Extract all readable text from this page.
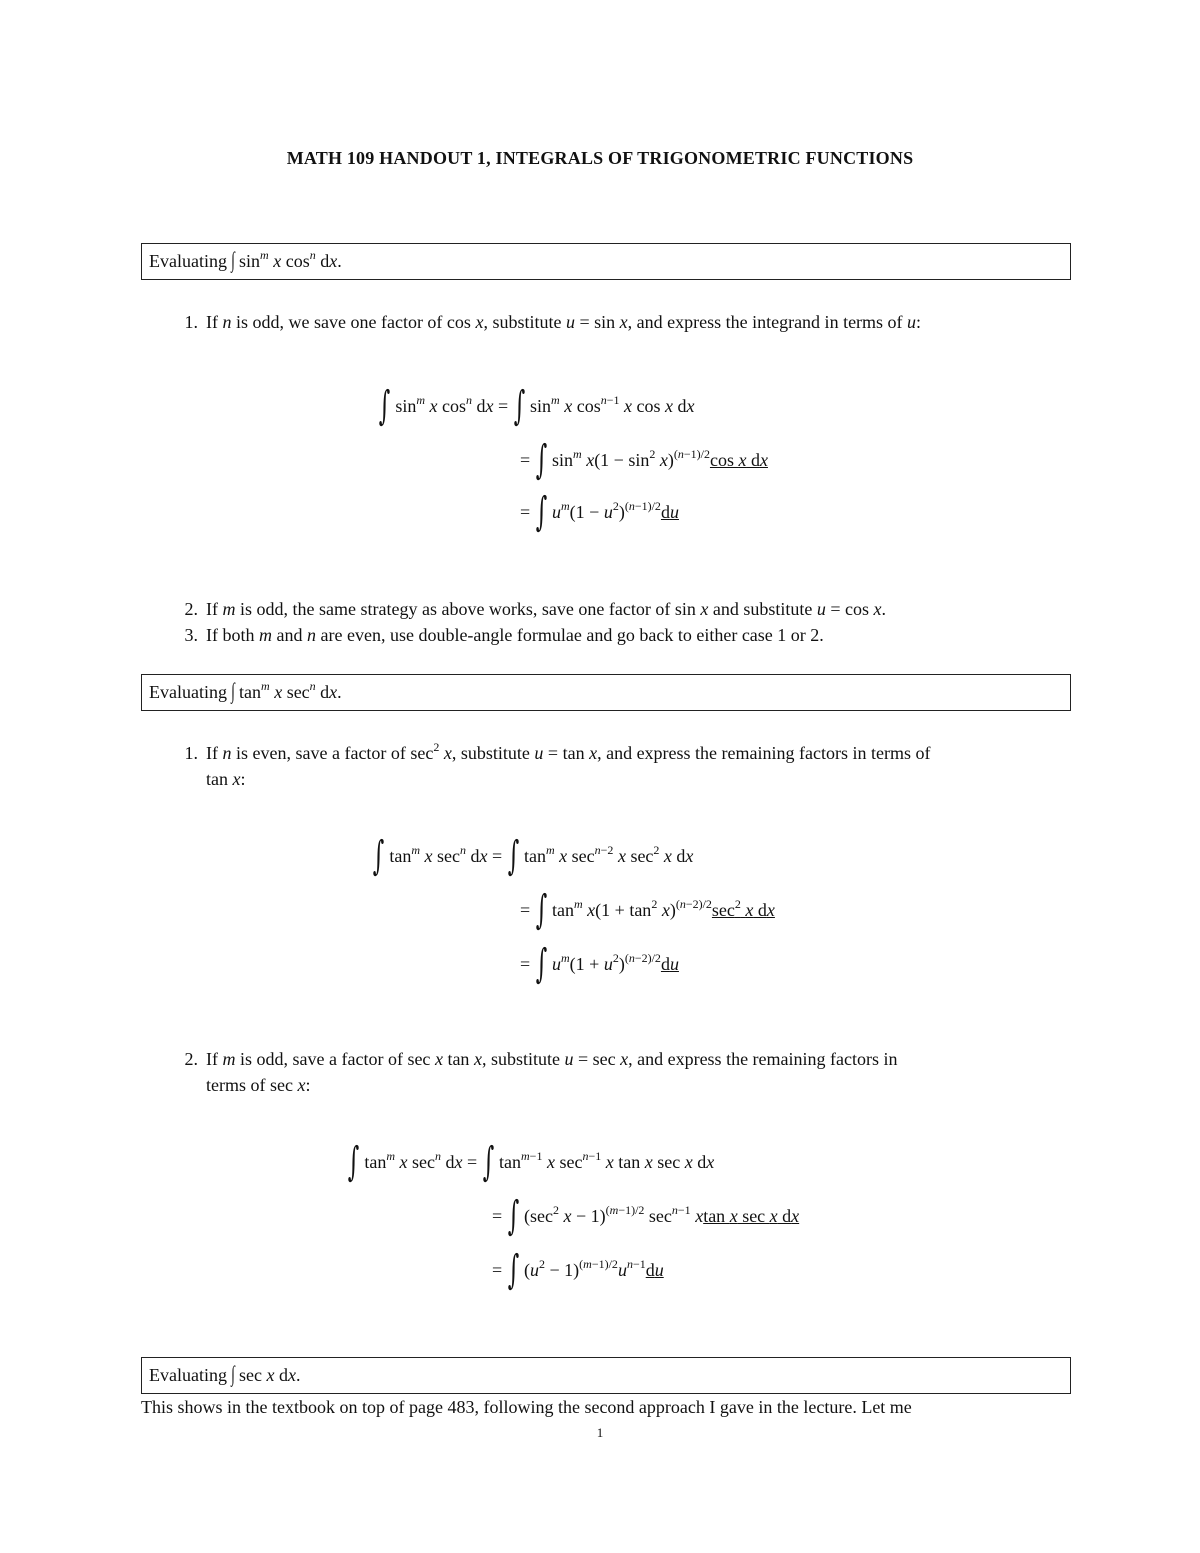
MATH 109 HANDOUT 1, INTEGRALS OF TRIGONOMETRIC FUNCTIONS
Evaluating ∫ $\sin^m x$ $\cos^n$ dx.
1. If n is odd, we save one factor of cos x, substitute u = sin x, and express the integrand in terms of u:
∫ $\sin^m x$ $\cos^n$ dx = ∫ $\sin^m x$ $\cos^{n-1} x$ cos x dx
= ∫ $\sin^m x(1 - \sin^2 x)^{(n-1)/2}\cos$ x dx
= ∫ $u^m(1 - u^2)^{(n-1)/2}du$
2. If m is odd, the same strategy as above works, save one factor of sin x and substitute u = cos x.
3. If both m and n are even, use double-angle formulae and go back to either case 1 or 2.
Evaluating ∫ $\tan^m x$ $\sec^n$ dx.
1. If n is even, save a factor of $\sec^2 x$, substitute u = tan x, and express the remaining factors in terms of
tan x:
∫ $\tan^m x$ $\sec^n$ dx = ∫ $\tan^m x$ $\sec^{n-2} x$ $\sec^2 x$ dx
= ∫ $\tan^m x(1 + \tan^2 x)^{(n-2)/2}\sec^2$ x dx
= ∫ $u^m(1 + u^2)^{(n-2)/2}du$
2. If m is odd, save a factor of sec x tan x, substitute u = sec x, and express the remaining factors in
terms of sec x:
∫ $\tan^m x$ $\sec^n$ dx = ∫ $\tan^{m-1} x$ $\sec^{n-1} x$ tan x sec x dx
= ∫ ($\sec^2$ x − 1)$^{(m-1)/2}$ $\sec^{n-1} xtan$ x sec x dx
= ∫ $(u^2 - 1)^{(m-1)/2}u^{n-1}du$
Evaluating ∫ sec x dx.
This shows in the textbook on top of page 483, following the second approach I gave in the lecture. Let me
1
